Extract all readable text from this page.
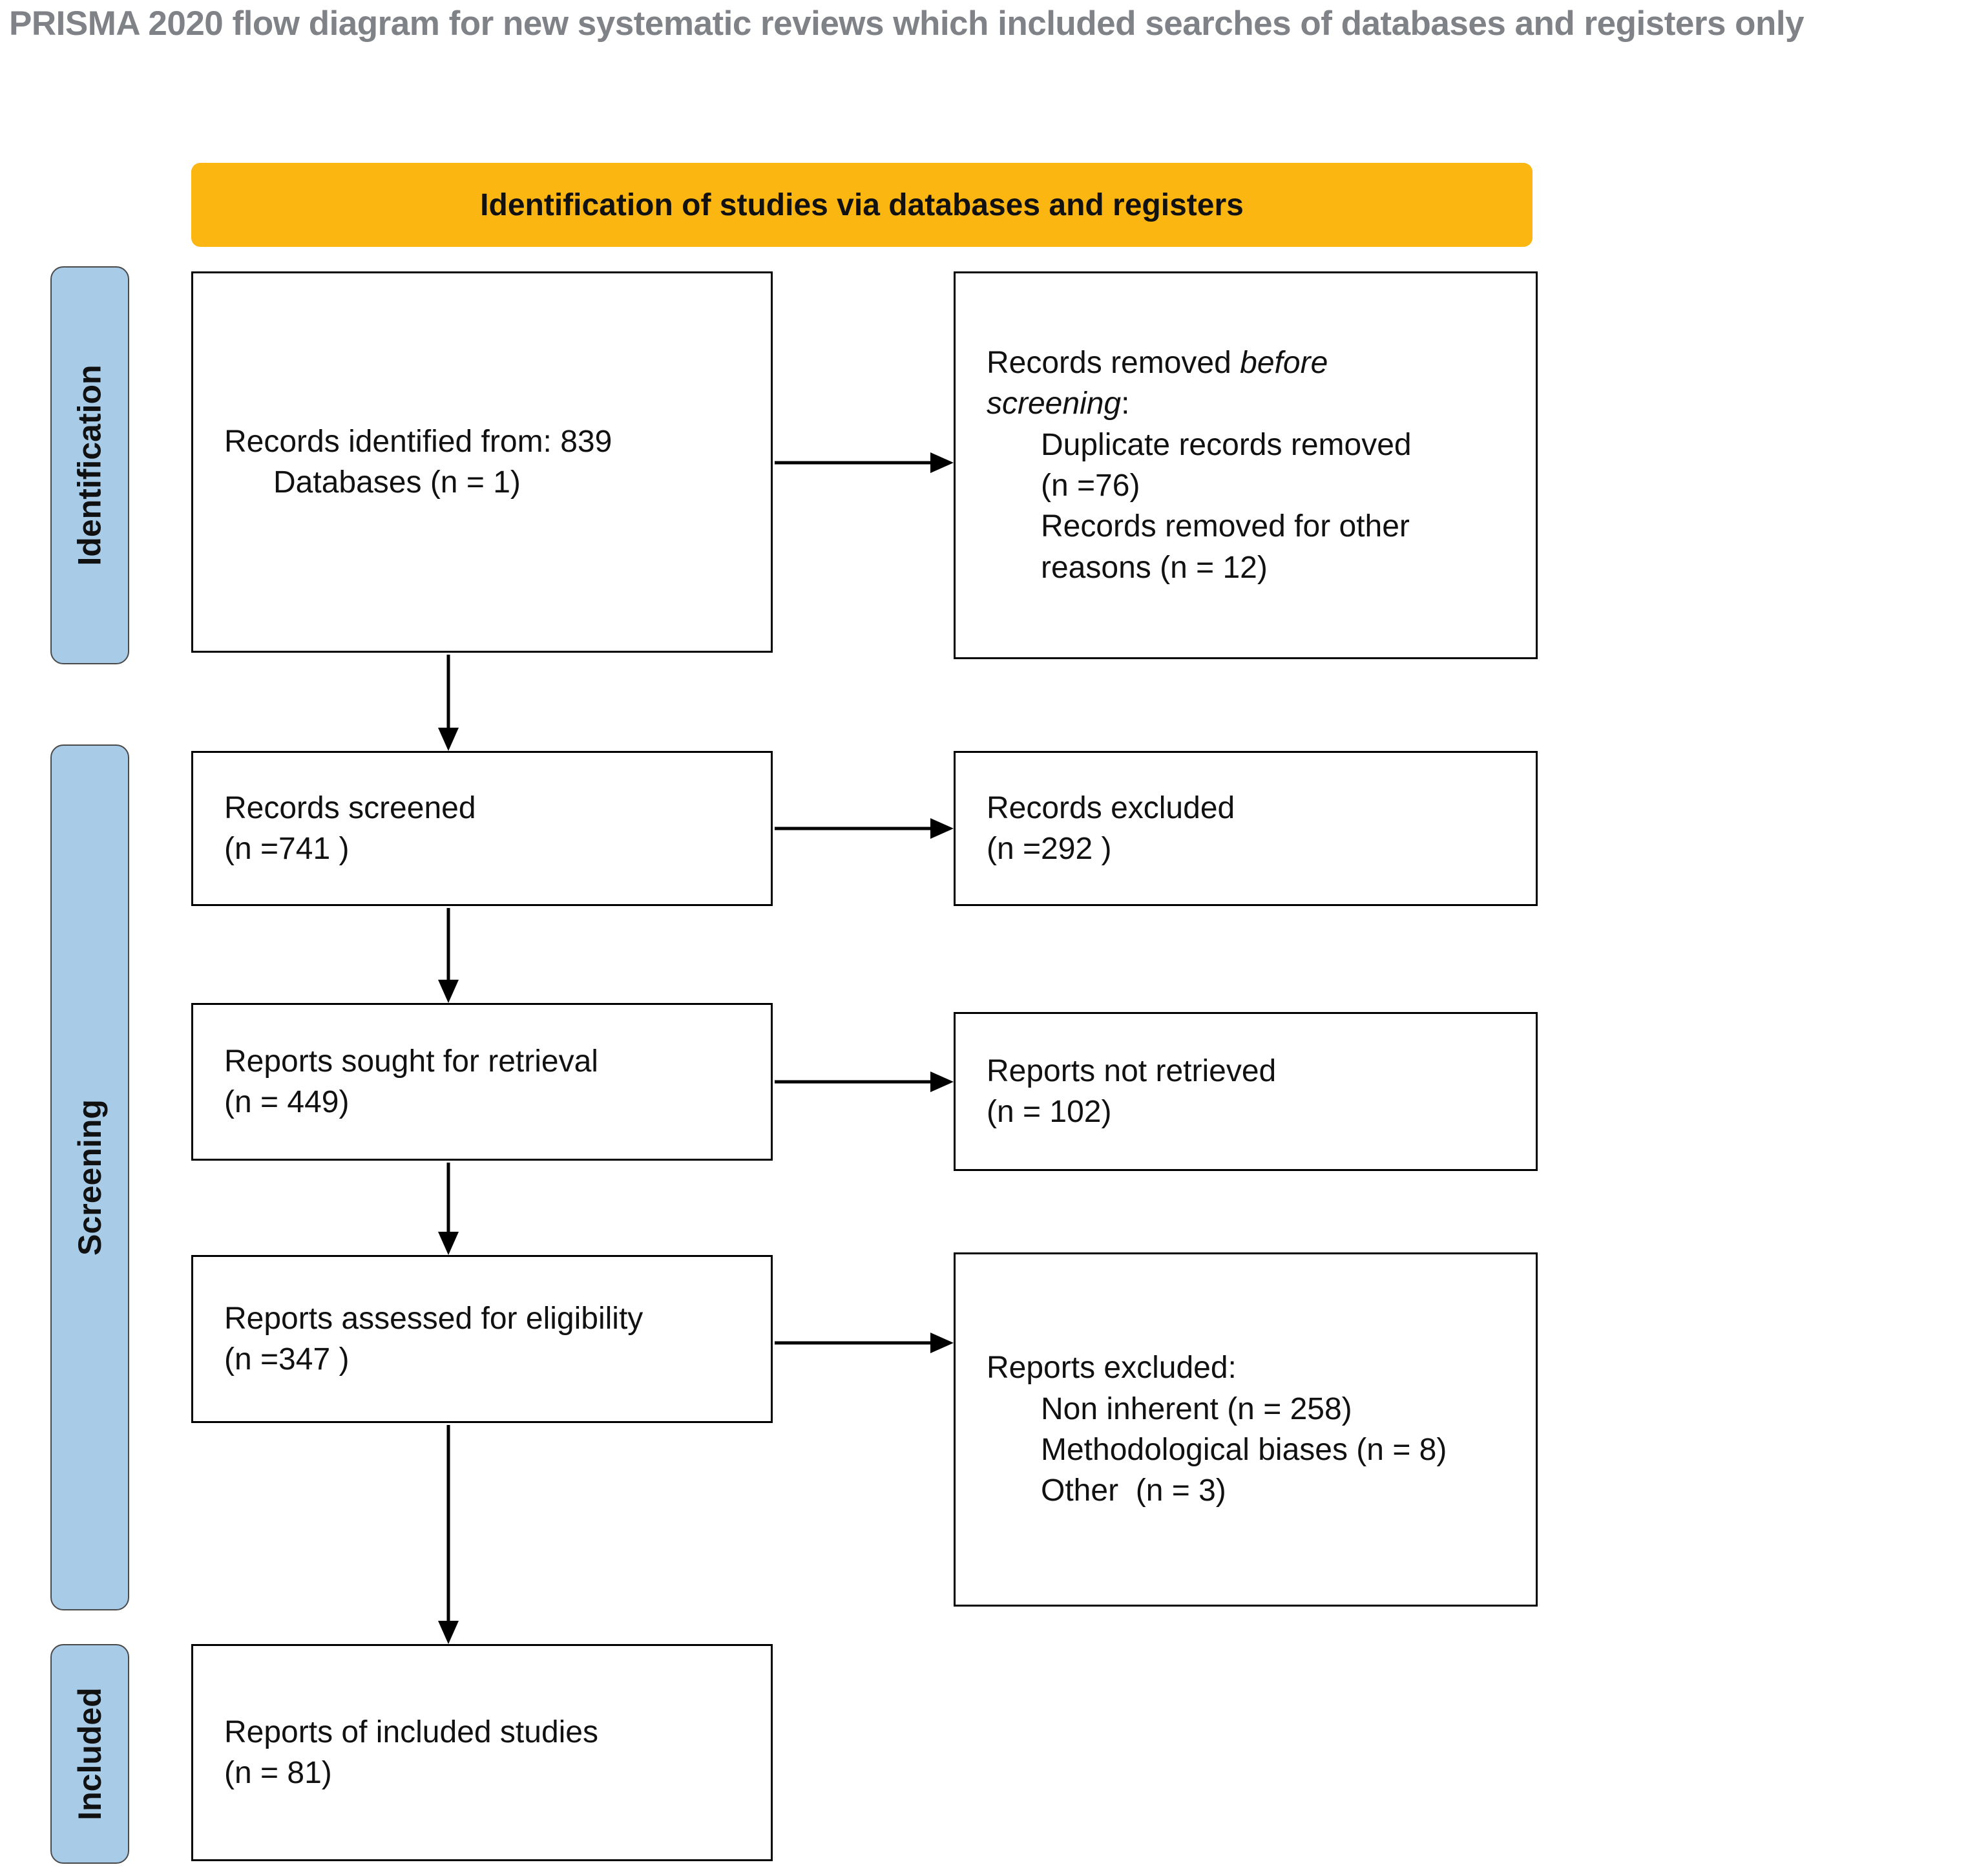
PRISMA 2020 flow diagram for new systematic reviews which included searches of databases and registers only
Identification of studies via databases and registers
Identification
Screening
Included
Records identified from: 839
Databases (n = 1)
Records screened
(n =741 )
Reports sought for retrieval
(n = 449)
Reports assessed for eligibility
(n =347 )
Reports of included studies
(n = 81)
Records removed before screening:
Duplicate records removed (n =76)
Records removed for other reasons (n = 12)
Records excluded
(n =292 )
Reports not retrieved
(n = 102)
Reports excluded:
Non inherent (n = 258)
Methodological biases (n = 8)
Other  (n = 3)
